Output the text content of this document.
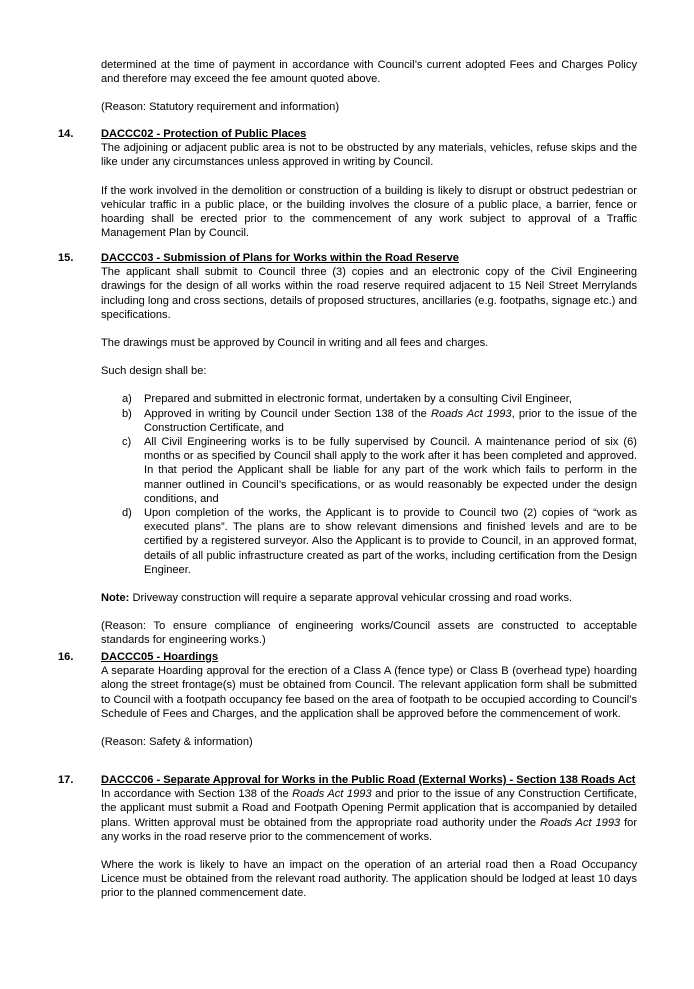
determined at the time of payment in accordance with Council’s current adopted Fees and Charges Policy and therefore may exceed the fee amount quoted above.

(Reason: Statutory requirement and information)

14. DACCC02 - Protection of Public Places

The adjoining or adjacent public area is not to be obstructed by any materials, vehicles, refuse skips and the like under any circumstances unless approved in writing by Council.

If the work involved in the demolition or construction of a building is likely to disrupt or obstruct pedestrian or vehicular traffic in a public place, or the building involves the closure of a public place, a barrier, fence or hoarding shall be erected prior to the commencement of any work subject to approval of a Traffic Management Plan by Council.

15. DACCC03 - Submission of Plans for Works within the Road Reserve

The applicant shall submit to Council three (3) copies and an electronic copy of the Civil Engineering drawings for the design of all works within the road reserve required adjacent to 15 Neil Street Merrylands including long and cross sections, details of proposed structures, ancillaries (e.g. footpaths, signage etc.) and specifications.

The drawings must be approved by Council in writing and all fees and charges.

Such design shall be:

a) Prepared and submitted in electronic format, undertaken by a consulting Civil Engineer,
b) Approved in writing by Council under Section 138 of the Roads Act 1993, prior to the issue of the Construction Certificate, and
c) All Civil Engineering works is to be fully supervised by Council. A maintenance period of six (6) months or as specified by Council shall apply to the work after it has been completed and approved. In that period the Applicant shall be liable for any part of the work which fails to perform in the manner outlined in Council’s specifications, or as would reasonably be expected under the design conditions, and
d) Upon completion of the works, the Applicant is to provide to Council two (2) copies of “work as executed plans”. The plans are to show relevant dimensions and finished levels and are to be certified by a registered surveyor. Also the Applicant is to provide to Council, in an approved format, details of all public infrastructure created as part of the works, including certification from the Design Engineer.

Note: Driveway construction will require a separate approval vehicular crossing and road works.

(Reason: To ensure compliance of engineering works/Council assets are constructed to acceptable standards for engineering works.)

16. DACCC05 - Hoardings

A separate Hoarding approval for the erection of a Class A (fence type) or Class B (overhead type) hoarding along the street frontage(s) must be obtained from Council. The relevant application form shall be submitted to Council with a footpath occupancy fee based on the area of footpath to be occupied according to Council’s Schedule of Fees and Charges, and the application shall be approved before the commencement of work.

(Reason: Safety & information)

17. DACCC06 - Separate Approval for Works in the Public Road (External Works) - Section 138 Roads Act

In accordance with Section 138 of the Roads Act 1993 and prior to the issue of any Construction Certificate, the applicant must submit a Road and Footpath Opening Permit application that is accompanied by detailed plans. Written approval must be obtained from the appropriate road authority under the Roads Act 1993 for any works in the road reserve prior to the commencement of works.

Where the work is likely to have an impact on the operation of an arterial road then a Road Occupancy Licence must be obtained from the relevant road authority. The application should be lodged at least 10 days prior to the planned commencement date.
